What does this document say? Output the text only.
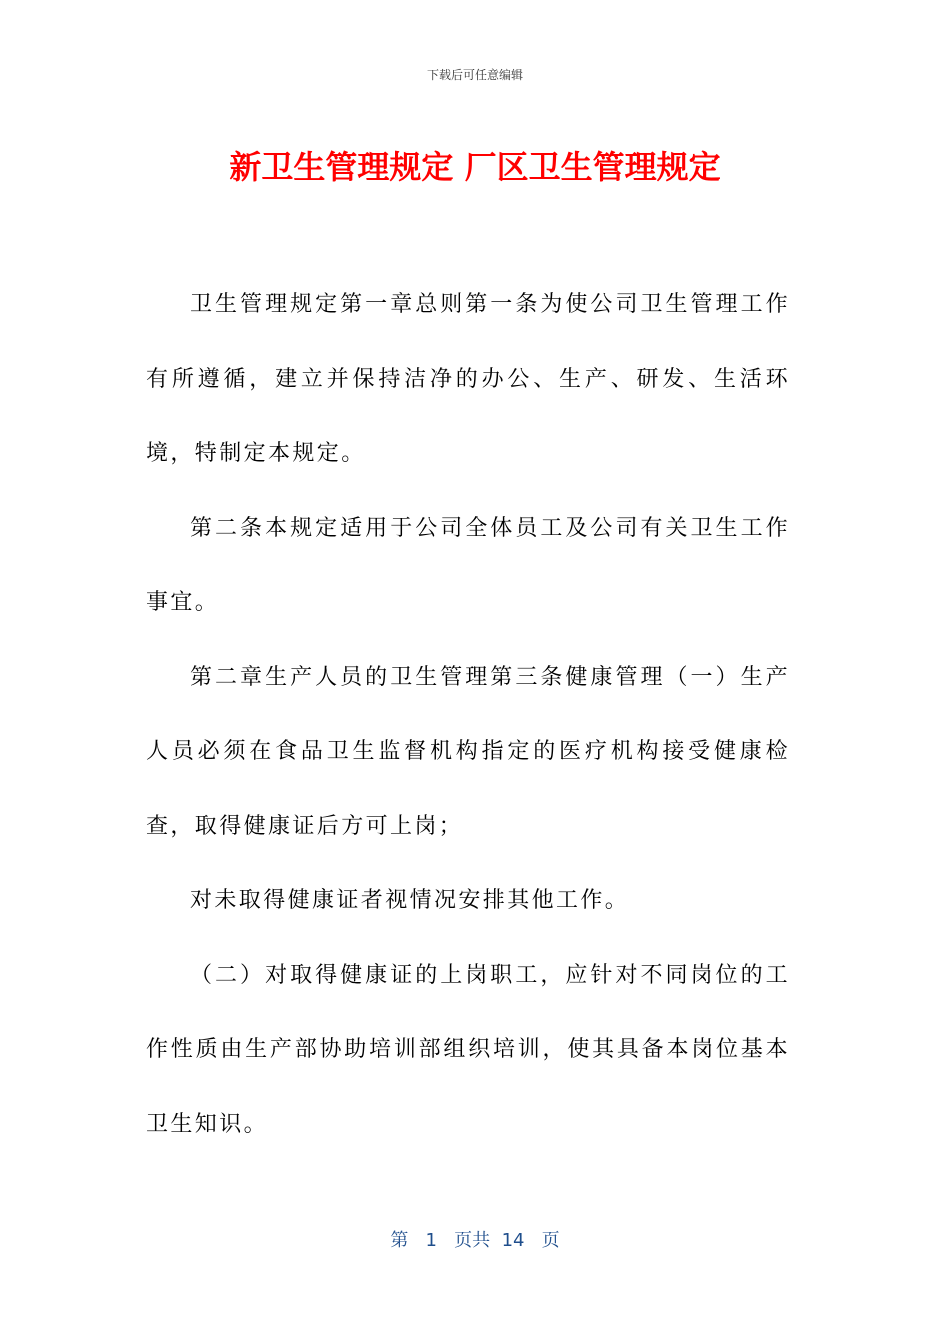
下载后可任意编辑
新卫生管理规定 厂区卫生管理规定

卫生管理规定第一章总则第一条为使公司卫生管理工作有所遵循，建立并保持洁净的办公、生产、研发、生活环境，特制定本规定。

第二条本规定适用于公司全体员工及公司有关卫生工作事宜。

第二章生产人员的卫生管理第三条健康管理（一）生产人员必须在食品卫生监督机构指定的医疗机构接受健康检查，取得健康证后方可上岗；

对未取得健康证者视情况安排其他工作。

（二）对取得健康证的上岗职工，应针对不同岗位的工作性质由生产部协助培训部组织培训，使其具备本岗位基本卫生知识。

第 1 页共 14 页
